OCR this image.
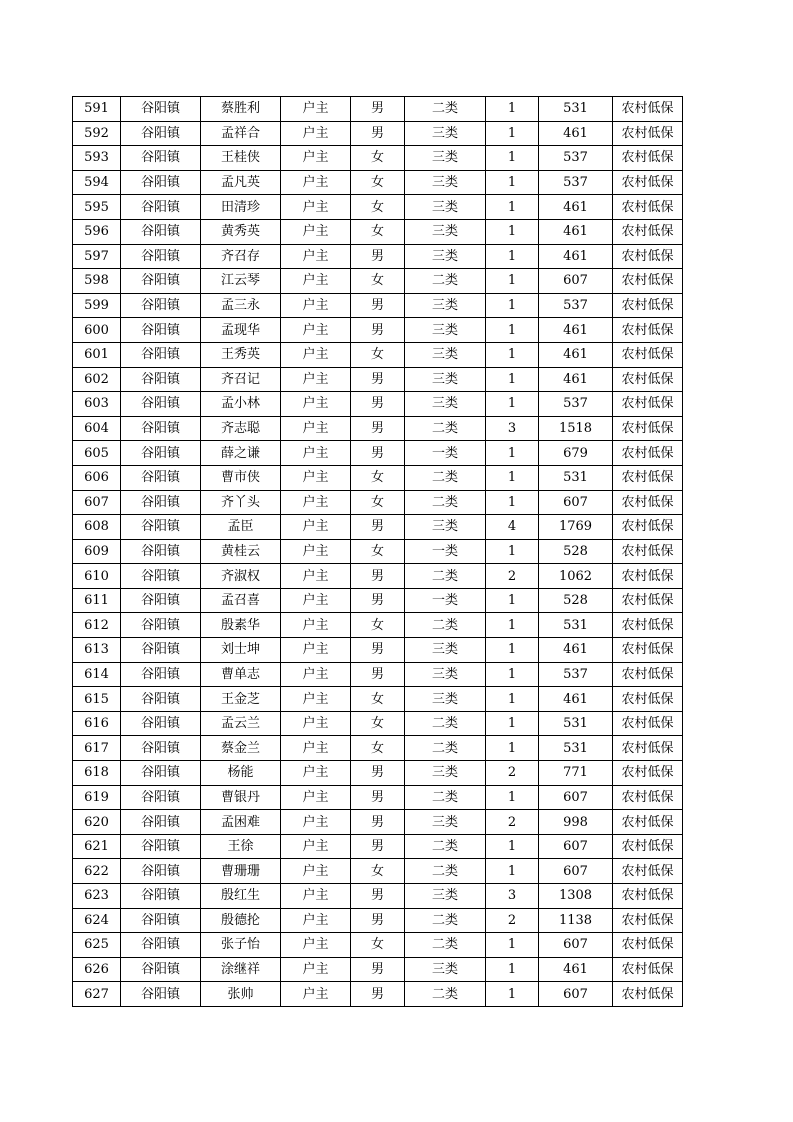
591	谷阳镇	蔡胜利	户主	男	二类	1	531	农村低保
592	谷阳镇	孟祥合	户主	男	三类	1	461	农村低保
593	谷阳镇	王桂侠	户主	女	三类	1	537	农村低保
594	谷阳镇	孟凡英	户主	女	三类	1	537	农村低保
595	谷阳镇	田清珍	户主	女	三类	1	461	农村低保
596	谷阳镇	黄秀英	户主	女	三类	1	461	农村低保
597	谷阳镇	齐召存	户主	男	三类	1	461	农村低保
598	谷阳镇	江云琴	户主	女	二类	1	607	农村低保
599	谷阳镇	孟三永	户主	男	三类	1	537	农村低保
600	谷阳镇	孟现华	户主	男	三类	1	461	农村低保
601	谷阳镇	王秀英	户主	女	三类	1	461	农村低保
602	谷阳镇	齐召记	户主	男	三类	1	461	农村低保
603	谷阳镇	孟小林	户主	男	三类	1	537	农村低保
604	谷阳镇	齐志聪	户主	男	二类	3	1518	农村低保
605	谷阳镇	薛之谦	户主	男	一类	1	679	农村低保
606	谷阳镇	曹市侠	户主	女	二类	1	531	农村低保
607	谷阳镇	齐丫头	户主	女	二类	1	607	农村低保
608	谷阳镇	孟臣	户主	男	三类	4	1769	农村低保
609	谷阳镇	黄桂云	户主	女	一类	1	528	农村低保
610	谷阳镇	齐淑权	户主	男	二类	2	1062	农村低保
611	谷阳镇	孟召喜	户主	男	一类	1	528	农村低保
612	谷阳镇	殷素华	户主	女	二类	1	531	农村低保
613	谷阳镇	刘士坤	户主	男	三类	1	461	农村低保
614	谷阳镇	曹单志	户主	男	三类	1	537	农村低保
615	谷阳镇	王金芝	户主	女	三类	1	461	农村低保
616	谷阳镇	孟云兰	户主	女	二类	1	531	农村低保
617	谷阳镇	蔡金兰	户主	女	二类	1	531	农村低保
618	谷阳镇	杨能	户主	男	三类	2	771	农村低保
619	谷阳镇	曹银丹	户主	男	二类	1	607	农村低保
620	谷阳镇	孟困难	户主	男	三类	2	998	农村低保
621	谷阳镇	王徐	户主	男	二类	1	607	农村低保
622	谷阳镇	曹珊珊	户主	女	二类	1	607	农村低保
623	谷阳镇	殷红生	户主	男	三类	3	1308	农村低保
624	谷阳镇	殷德抡	户主	男	二类	2	1138	农村低保
625	谷阳镇	张子怡	户主	女	二类	1	607	农村低保
626	谷阳镇	涂继祥	户主	男	三类	1	461	农村低保
627	谷阳镇	张帅	户主	男	二类	1	607	农村低保
